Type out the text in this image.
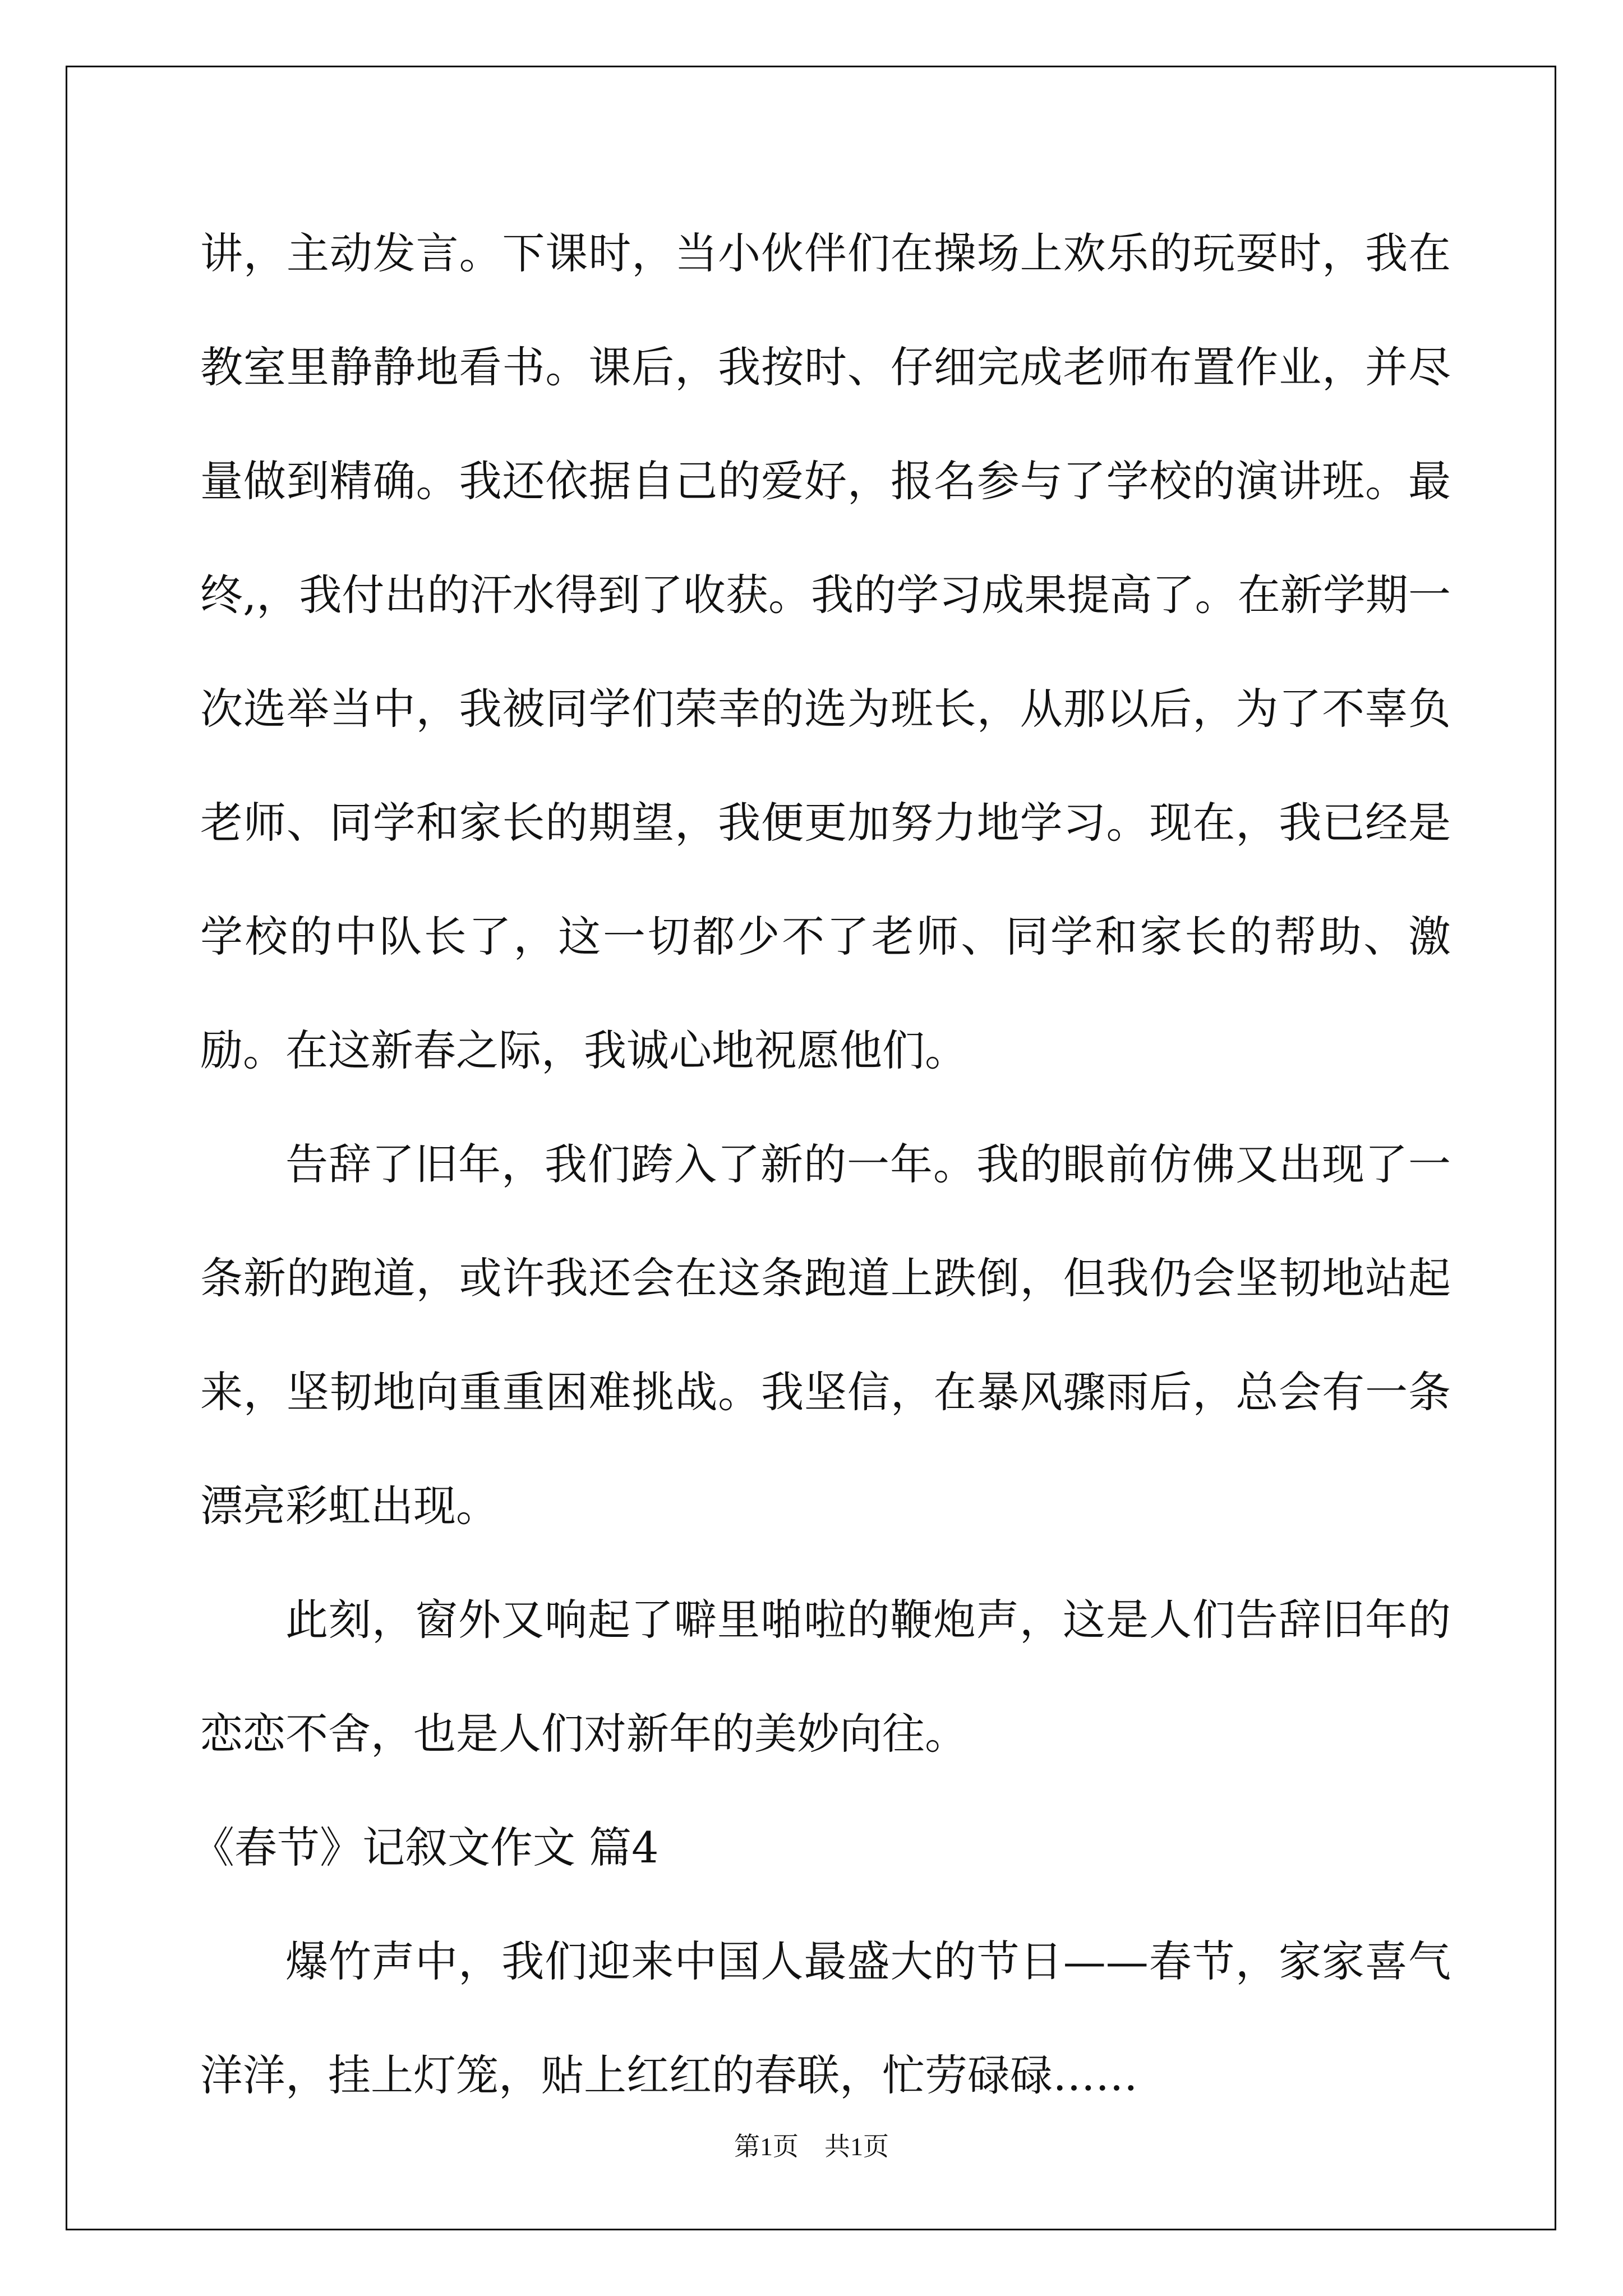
讲，主动发言。下课时，当小伙伴们在操场上欢乐的玩耍时，我在教室里静静地看书。课后，我按时、仔细完成老师布置作业，并尽量做到精确。我还依据自己的爱好，报名参与了学校的演讲班。最终,，我付出的汗水得到了收获。我的学习成果提高了。在新学期一次选举当中，我被同学们荣幸的选为班长，从那以后，为了不辜负老师、同学和家长的期望，我便更加努力地学习。现在，我已经是学校的中队长了，这一切都少不了老师、同学和家长的帮助、激励。在这新春之际，我诚心地祝愿他们。

告辞了旧年，我们跨入了新的一年。我的眼前仿佛又出现了一条新的跑道，或许我还会在这条跑道上跌倒，但我仍会坚韧地站起来，坚韧地向重重困难挑战。我坚信，在暴风骤雨后，总会有一条漂亮彩虹出现。

此刻，窗外又响起了噼里啪啦的鞭炮声，这是人们告辞旧年的恋恋不舍，也是人们对新年的美妙向往。

《春节》记叙文作文 篇4

爆竹声中，我们迎来中国人最盛大的节日——春节，家家喜气洋洋，挂上灯笼，贴上红红的春联，忙劳碌碌……

第1页 共1页
